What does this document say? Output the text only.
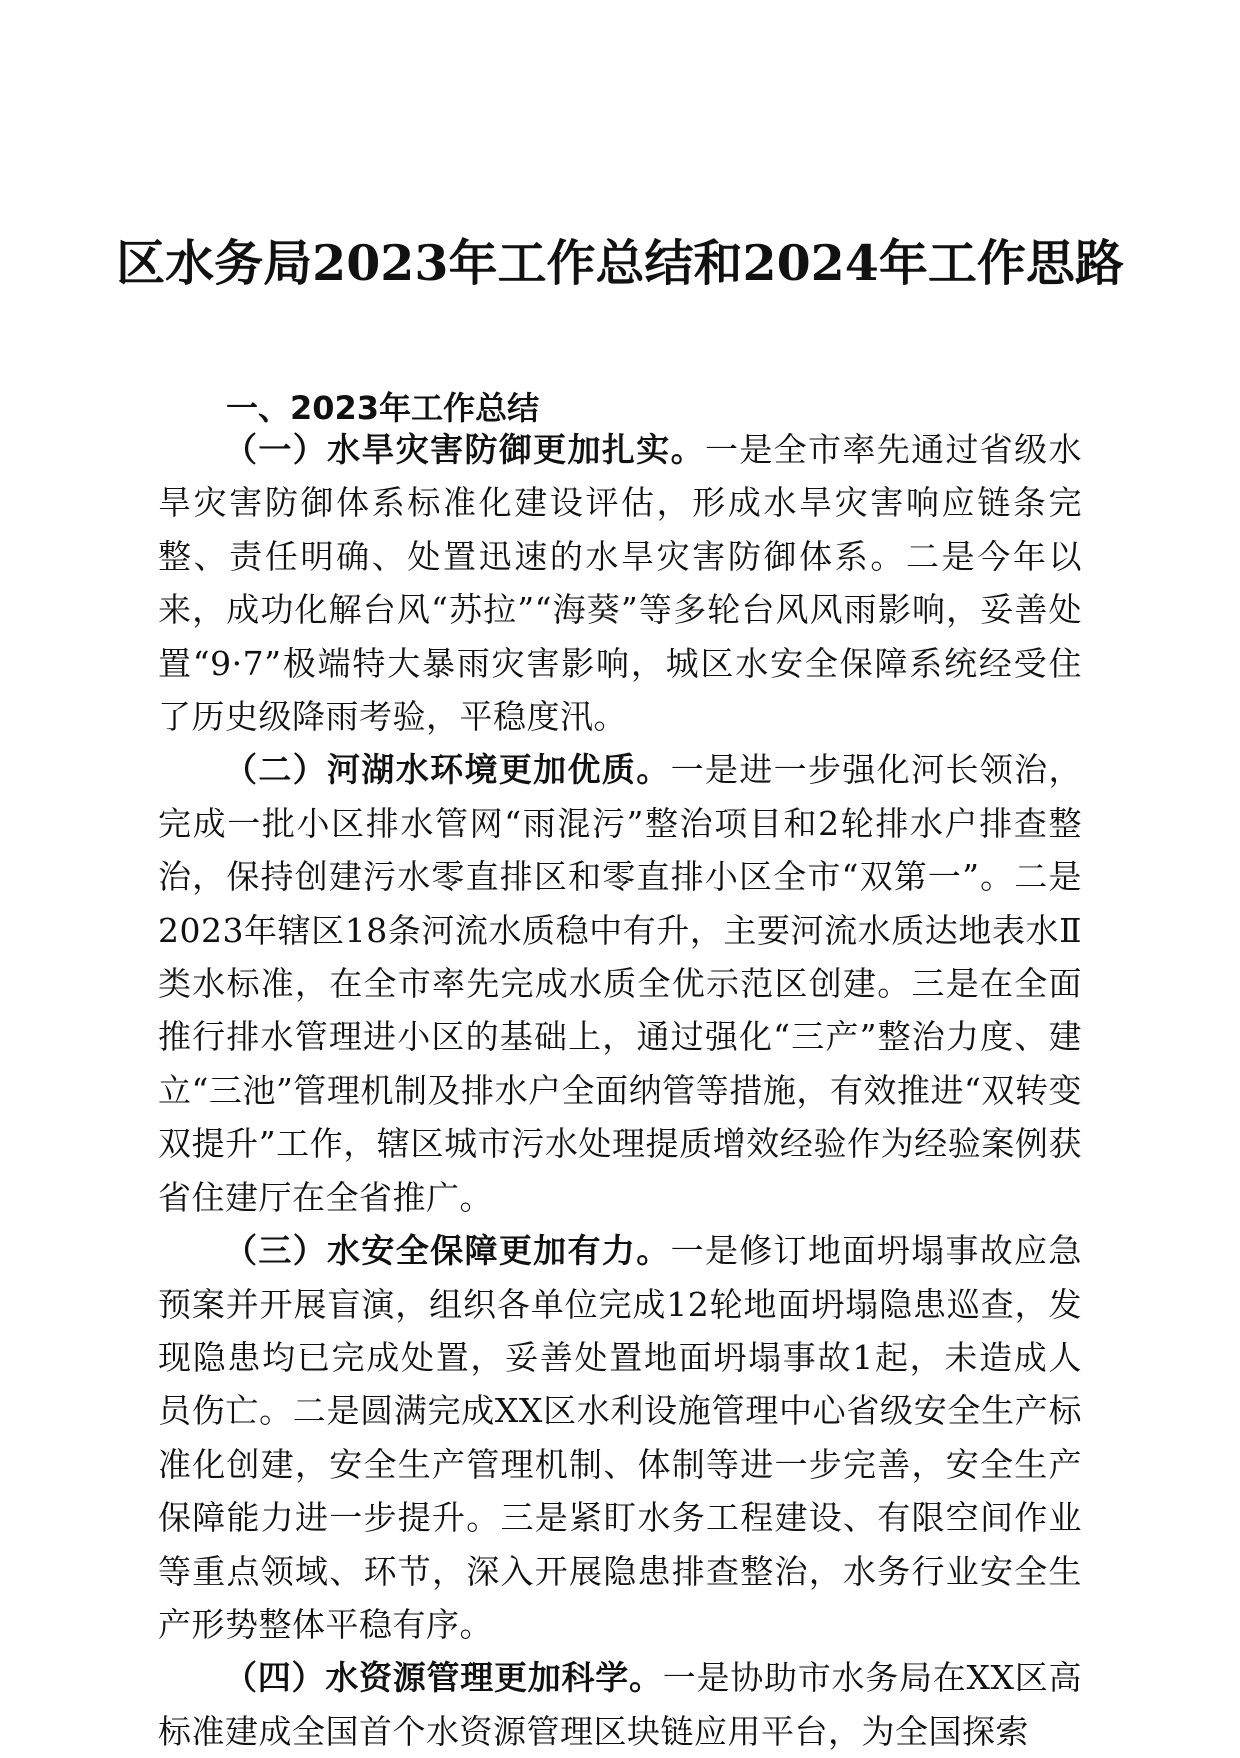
区水务局2023年工作总结和2024年工作思路
一、2023年工作总结

（一）水旱灾害防御更加扎实。一是全市率先通过省级水旱灾害防御体系标准化建设评估，形成水旱灾害响应链条完整、责任明确、处置迅速的水旱灾害防御体系。二是今年以来，成功化解台风“苏拉”“海葵”等多轮台风风雨影响，妥善处置“9·7”极端特大暴雨灾害影响，城区水安全保障系统经受住了历史级降雨考验，平稳度汛。

（二）河湖水环境更加优质。一是进一步强化河长领治，完成一批小区排水管网“雨混污”整治项目和2轮排水户排查整治，保持创建污水零直排区和零直排小区全市“双第一”。二是2023年辖区18条河流水质稳中有升，主要河流水质达地表水Ⅱ类水标准，在全市率先完成水质全优示范区创建。三是在全面推行排水管理进小区的基础上，通过强化“三产”整治力度、建立“三池”管理机制及排水户全面纳管等措施，有效推进“双转变双提升”工作，辖区城市污水处理提质增效经验作为经验案例获省住建厅在全省推广。

（三）水安全保障更加有力。一是修订地面坍塌事故应急预案并开展盲演，组织各单位完成12轮地面坍塌隐患巡查，发现隐患均已完成处置，妥善处置地面坍塌事故1起，未造成人员伤亡。二是圆满完成XX区水利设施管理中心省级安全生产标准化创建，安全生产管理机制、体制等进一步完善，安全生产保障能力进一步提升。三是紧盯水务工程建设、有限空间作业等重点领域、环节，深入开展隐患排查整治，水务行业安全生产形势整体平稳有序。

（四）水资源管理更加科学。一是协助市水务局在XX区高标准建成全国首个水资源管理区块链应用平台，为全国探索
